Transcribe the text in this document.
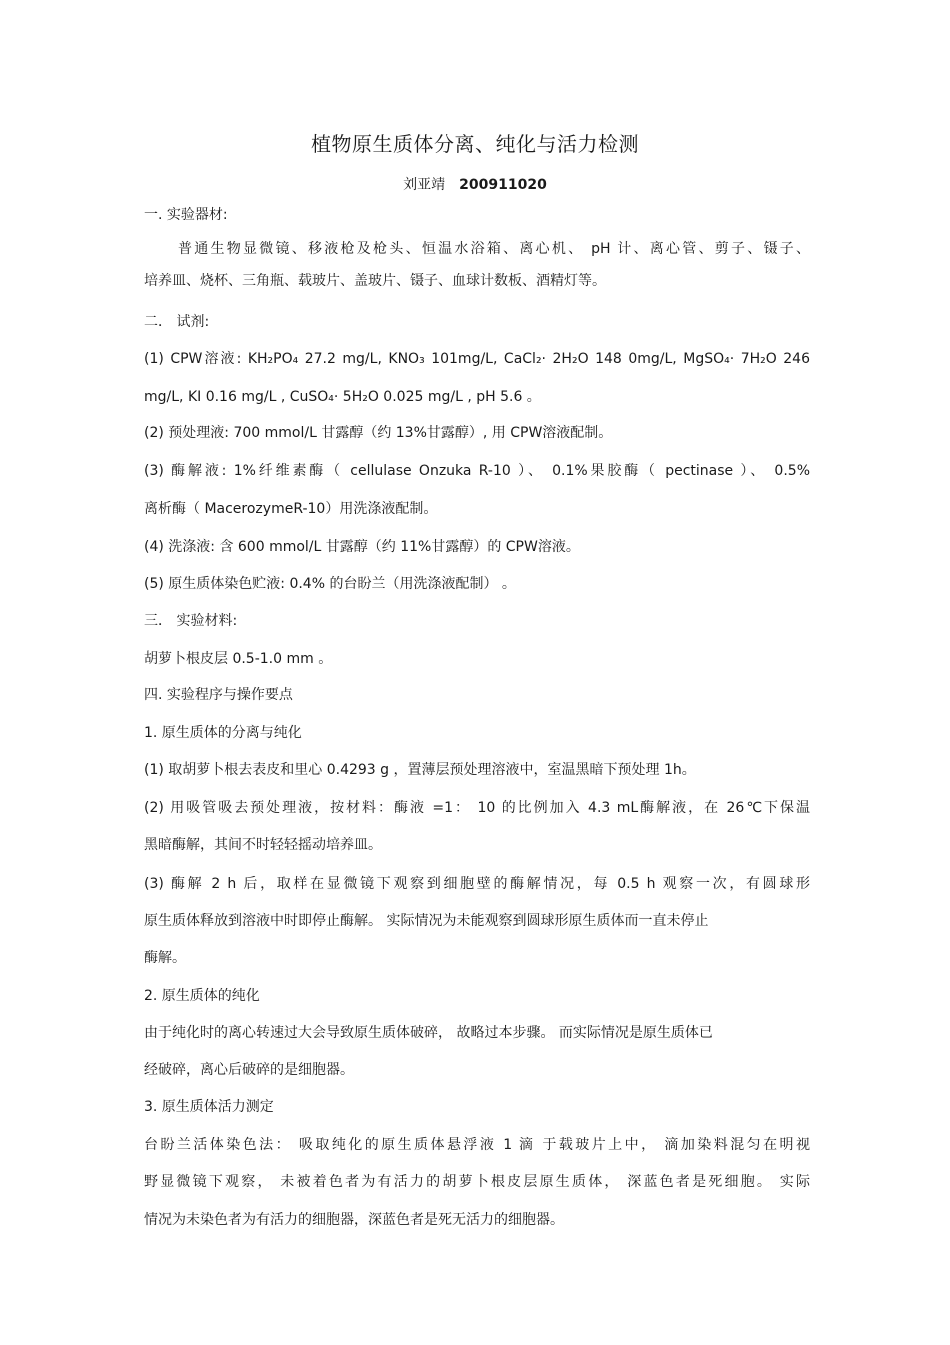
植物原生质体分离、纯化与活力检测
刘亚靖 200911020
一. 实验器材:
普通生物显微镜、移液枪及枪头、恒温水浴箱、离心机、 pH 计、离心管、剪子、镊子、
培养皿、烧杯、三角瓶、载玻片、盖玻片、镊子、血球计数板、酒精灯等。
二． 试剂:
(1) CPW溶液: KH₂PO₄ 27.2 mg/L, KNO₃ 101mg/L, CaCl₂· 2H₂O 148 0mg/L, MgSO₄· 7H₂O 246
mg/L, KI 0.16 mg/L , CuSO₄· 5H₂O 0.025 mg/L , pH 5.6 。
(2) 预处理液: 700 mmol/L 甘露醇（约 13%甘露醇）, 用 CPW溶液配制。
(3) 酶解液: 1%纤维素酶（ cellulase Onzuka R-10 ）、 0.1%果胶酶（ pectinase ）、 0.5%
离析酶（ MacerozymeR-10）用洗涤液配制。
(4) 洗涤液: 含 600 mmol/L 甘露醇（约 11%甘露醇）的 CPW溶液。
(5) 原生质体染色贮液: 0.4% 的台盼兰（用洗涤液配制） 。
三． 实验材料:
胡萝卜根皮层 0.5-1.0 mm 。
四. 实验程序与操作要点
1. 原生质体的分离与纯化
(1) 取胡萝卜根去表皮和里心 0.4293 g ，置薄层预处理溶液中，室温黑暗下预处理 1h。
(2) 用吸管吸去预处理液，按材料：酶液 =1： 10 的比例加入 4.3 mL酶解液，在 26℃下保温
黑暗酶解，其间不时轻轻摇动培养皿。
(3) 酶解 2 h 后，取样在显微镜下观察到细胞壁的酶解情况，每 0.5 h 观察一次，有圆球形
原生质体释放到溶液中时即停止酶解。 实际情况为未能观察到圆球形原生质体而一直未停止
酶解。
2. 原生质体的纯化
由于纯化时的离心转速过大会导致原生质体破碎， 故略过本步骤。 而实际情况是原生质体已
经破碎，离心后破碎的是细胞器。
3. 原生质体活力测定
台盼兰活体染色法： 吸取纯化的原生质体悬浮液 1 滴 于载玻片上中， 滴加染料混匀在明视
野显微镜下观察， 未被着色者为有活力的胡萝卜根皮层原生质体， 深蓝色者是死细胞。 实际
情况为未染色者为有活力的细胞器，深蓝色者是死无活力的细胞器。
